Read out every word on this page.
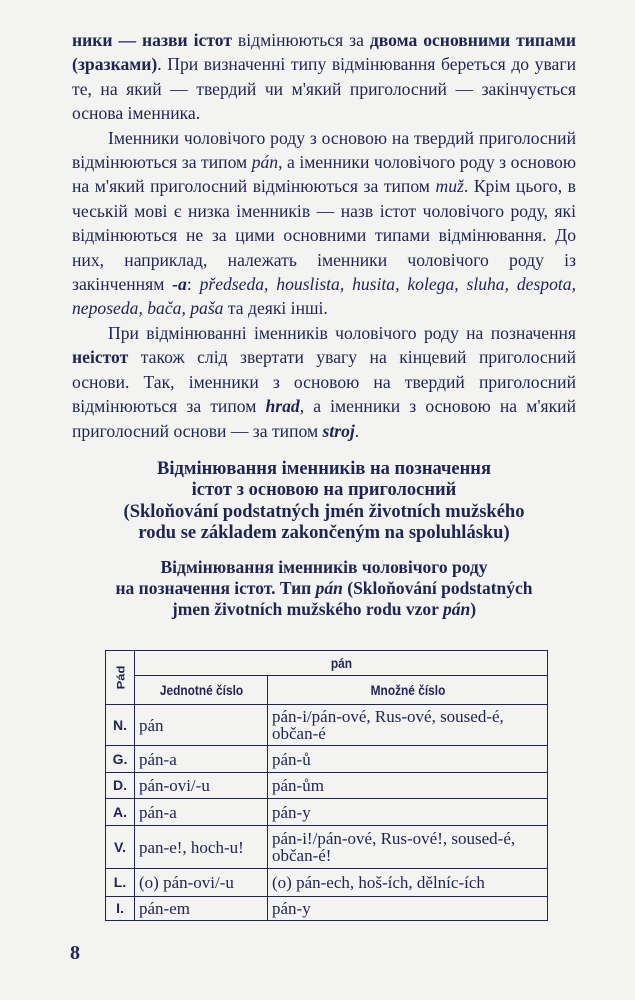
ники — назви істот відмінюються за двома основними типами (зразками). При визначенні типу відмінювання береться до уваги те, на який — твердий чи м'який приголосний — закінчується основа іменника.

Іменники чоловічого роду з основою на твердий приголосний відмінюються за типом pán, а іменники чоловічого роду з основою на м'який приголосний відмінюються за типом muž. Крім цього, в чеській мові є низка іменників — назв істот чоловічого роду, які відмінюються не за цими основними типами відмінювання. До них, наприклад, належать іменники чоловічого роду із закінченням -a: předseda, houslista, husita, kolega, sluha, despota, neposeda, bača, paša та деякі інші.

При відмінюванні іменників чоловічого роду на позначення неістот також слід звертати увагу на кінцевий приголосний основи. Так, іменники з основою на твердий приголосний відмінюються за типом hrad, а іменники з основою на м'який приголосний основи — за типом stroj.

Відмінювання іменників на позначення
істот з основою на приголосний
(Skloňování podstatných jmén životních mužského
rodu se základem zakončeným na spoluhlásku)
Відмінювання іменників чоловічого роду
на позначення істот. Тип pán (Skloňování podstatných
jmen životních mužského rodu vzor pán)
Pád	pán	
	Jednotné číslo	Množné číslo
N.	pán	pán-i/pán-ové, Rus-ové, soused-é, občan-é
G.	pán-a	pán-ů
D.	pán-ovi/-u	pán-ům
A.	pán-a	pán-y
V.	pan-e!, hoch-u!	pán-i!/pán-ové, Rus-ové!, soused-é, občan-é!
L.	(o) pán-ovi/-u	(o) pán-ech, hoš-ích, dělníc-ích
I.	pán-em	pán-y
8
